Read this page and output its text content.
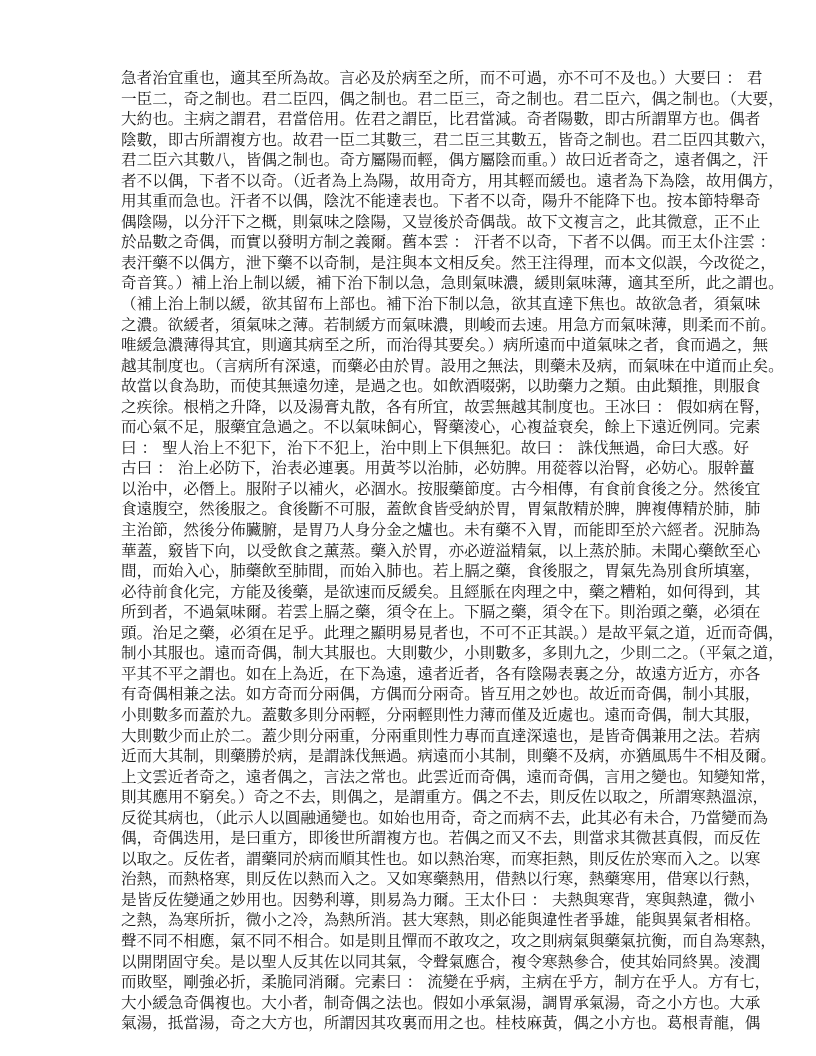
急者治宜重也，適其至所為故。言必及於病至之所，而不可過，亦不可不及也。）大要曰 ： 君
一臣二，奇之制也。君二臣四，偶之制也。君二臣三，奇之制也。君二臣六，偶之制也。（大要，
大約也。主病之謂君，君當倍用。佐君之謂臣，比君當減。奇者陽數，即古所謂單方也。偶者
陰數，即古所謂複方也。故君一臣二其數三，君二臣三其數五，皆奇之制也。君二臣四其數六，
君二臣六其數八，皆偶之制也。奇方屬陽而輕，偶方屬陰而重。）故曰近者奇之，遠者偶之，汗
者不以偶，下者不以奇。（近者為上為陽，故用奇方，用其輕而緩也。遠者為下為陰，故用偶方，
用其重而急也。汗者不以偶，陰沈不能達表也。下者不以奇，陽升不能降下也。按本節特舉奇
偶陰陽，以分汗下之概，則氣味之陰陽，又豈後於奇偶哉。故下文複言之，此其微意，正不止
於品數之奇偶，而實以發明方制之義爾。舊本雲 ： 汗者不以奇，下者不以偶。而王太仆注雲 ：
表汗藥不以偶方，泄下藥不以奇制，是注與本文相反矣。然王注得理，而本文似誤，今改從之，
奇音箕。）補上治上制以緩，補下治下制以急，急則氣味濃，緩則氣味薄，適其至所，此之謂也。
（補上治上制以緩，欲其留布上部也。補下治下制以急，欲其直達下焦也。故欲急者，須氣味
之濃。欲緩者，須氣味之薄。若制緩方而氣味濃，則峻而去速。用急方而氣味薄，則柔而不前。
唯緩急濃薄得其宜，則適其病至之所，而治得其要矣。）病所遠而中道氣味之者，食而過之，無
越其制度也。（言病所有深遠，而藥必由於胃。設用之無法，則藥未及病，而氣味在中道而止矣。
故當以食為助，而使其無遠勿達，是過之也。如飲酒啜粥，以助藥力之類。由此類推，則服食
之疾徐。根梢之升降，以及湯膏丸散，各有所宜，故雲無越其制度也。王冰曰 ： 假如病在腎，
而心氣不足，服藥宜急過之。不以氣味飼心，腎藥淩心，心複益衰矣，餘上下遠近例同。完素
曰 ： 聖人治上不犯下，治下不犯上，治中則上下俱無犯。故曰 ： 誅伐無過，命曰大惑。好
古曰 ： 治上必防下，治表必連裏。用黃芩以治肺，必妨脾。用蓯蓉以治腎，必妨心。服幹薑
以治中，必僭上。服附子以補火，必涸水。按服藥節度。古今相傳，有食前食後之分。然後宜
食遠腹空，然後服之。食後斷不可服，蓋飲食皆受納於胃，胃氣散精於脾，脾複傳精於肺，肺
主治節，然後分佈臟腑，是胃乃人身分金之爐也。未有藥不入胃，而能即至於六經者。況肺為
華蓋，竅皆下向，以受飲食之薰蒸。藥入於胃，亦必遊溢精氣，以上蒸於肺。未聞心藥飲至心
間，而始入心，肺藥飲至肺間，而始入肺也。若上膈之藥，食後服之，胃氣先為別食所填塞，
必待前食化完，方能及後藥，是欲速而反緩矣。且經脈在肉理之中，藥之糟粕，如何得到，其
所到者，不過氣味爾。若雲上膈之藥，須令在上。下膈之藥，須令在下。則治頭之藥，必須在
頭。治足之藥，必須在足乎。此理之顯明易見者也，不可不正其誤。）是故平氣之道，近而奇偶，
制小其服也。遠而奇偶，制大其服也。大則數少，小則數多，多則九之，少則二之。（平氣之道，
平其不平之謂也。如在上為近，在下為遠，遠者近者，各有陰陽表裏之分，故遠方近方，亦各
有奇偶相兼之法。如方奇而分兩偶，方偶而分兩奇。皆互用之妙也。故近而奇偶，制小其服，
小則數多而蓋於九。蓋數多則分兩輕，分兩輕則性力薄而僅及近處也。遠而奇偶，制大其服，
大則數少而止於二。蓋少則分兩重，分兩重則性力專而直達深遠也，是皆奇偶兼用之法。若病
近而大其制，則藥勝於病，是謂誅伐無過。病遠而小其制，則藥不及病，亦猶風馬牛不相及爾。
上文雲近者奇之，遠者偶之，言法之常也。此雲近而奇偶，遠而奇偶，言用之變也。知變知常，
則其應用不窮矣。）奇之不去，則偶之，是謂重方。偶之不去，則反佐以取之，所謂寒熱溫涼，
反從其病也，（此示人以圓融通變也。如始也用奇，奇之而病不去，此其必有未合，乃當變而為
偶，奇偶迭用，是曰重方，即後世所謂複方也。若偶之而又不去，則當求其微甚真假，而反佐
以取之。反佐者，謂藥同於病而順其性也。如以熱治寒，而寒拒熱，則反佐於寒而入之。以寒
治熱，而熱格寒，則反佐以熱而入之。又如寒藥熱用，借熱以行寒，熱藥寒用，借寒以行熱，
是皆反佐變通之妙用也。因勢利導，則易為力爾。王太仆曰 ： 夫熱與寒背，寒與熱違，微小
之熱，為寒所折，微小之冷，為熱所消。甚大寒熱，則必能與違性者爭雄，能與異氣者相格。
聲不同不相應，氣不同不相合。如是則且憚而不敢攻之，攻之則病氣與藥氣抗衡，而自為寒熱，
以開閉固守矣。是以聖人反其佐以同其氣，令聲氣應合，複令寒熱參合，使其始同終異。淩潤
而敗堅，剛強必折，柔脆同消爾。完素曰 ： 流變在乎病，主病在乎方，制方在乎人。方有七，
大小緩急奇偶複也。大小者，制奇偶之法也。假如小承氣湯，調胃承氣湯，奇之小方也。大承
氣湯，抵當湯，奇之大方也，所謂因其攻裏而用之也。桂枝麻黃，偶之小方也。葛根青龍，偶
